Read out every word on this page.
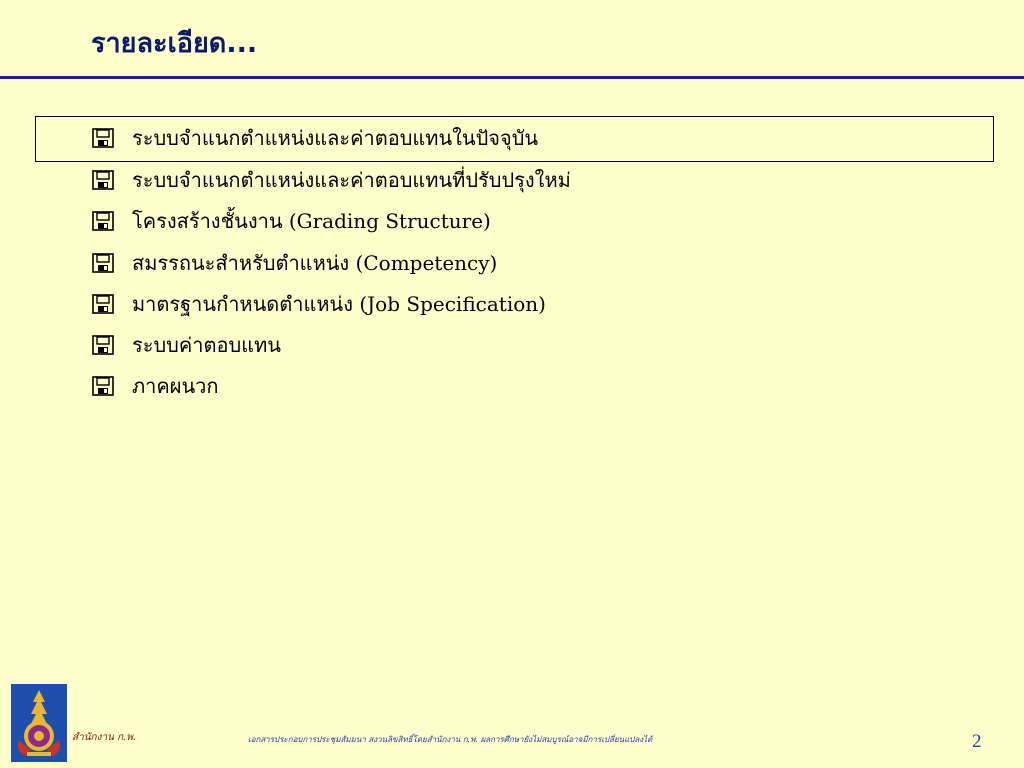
รายละเอียด...
ระบบจำแนกตำแหน่งและค่าตอบแทนในปัจจุบัน
ระบบจำแนกตำแหน่งและค่าตอบแทนที่ปรับปรุงใหม่
โครงสร้างชั้นงาน (Grading Structure)
สมรรถนะสำหรับตำแหน่ง (Competency)
มาตรฐานกำหนดตำแหน่ง (Job Specification)
ระบบค่าตอบแทน
ภาคผนวก
สำนักงาน ก.พ.	เอกสารประกอบการประชุมสัมมนา สงวนลิขสิทธิ์โดยสำนักงาน ก.พ. ผลการศึกษายังไม่สมบูรณ์อาจมีการเปลี่ยนแปลงได้	2
